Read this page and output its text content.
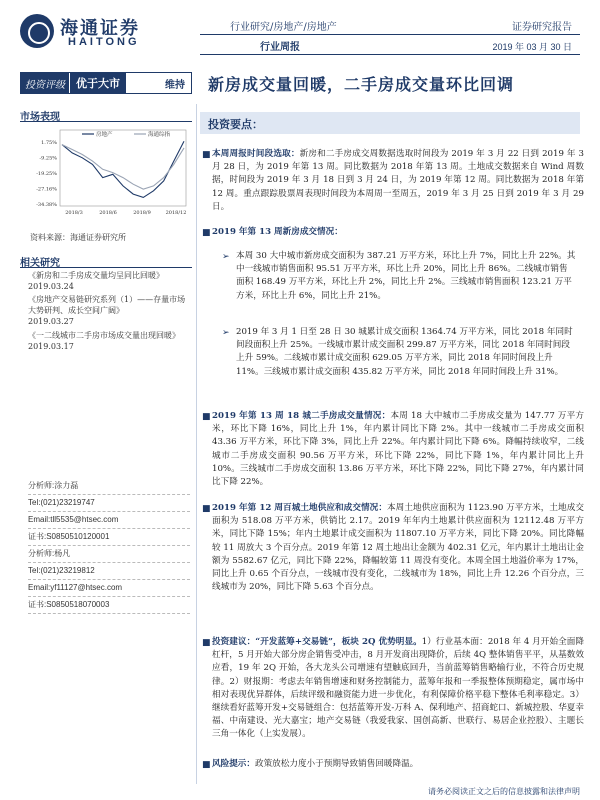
海通证券
HAITONG
行业研究/房地产/房地产
行业周报
证券研究报告
2019 年 03 月 30 日
投资评级	优于大市	维持	新房成交量回暖，二手房成交量环比回调
市场表现
1.75%
-9.25%
-19.25%
-27.16%
-34.38%
2018/3	2018/6	2018/9	2018/12
房地产	海通综指
资料来源：海通证券研究所
相关研究
《新房和二手房成交量均呈同比回暖》
2019.03.24
《房地产交易链研究系列（1）——存量市场大势研判、成长空间广阔》
2019.03.27
《一二线城市二手房市场成交量出现回暖》
2019.03.17
分析师:涂力磊
Tel:(021)23219747
Email:tll5535@htsec.com
证书:S0850510120001
分析师:杨凡
Tel:(021)23219812
Email:yf11127@htsec.com
证书:S0850518070003
投资要点：
■ 本周周报时间段选取：新房和二手房成交周数据选取时间段为 2019 年 3 月 22 日到 2019 年 3 月 28 日，为 2019 年第 13 周。同比数据为 2018 年第 13 周。土地成交数据来自 Wind 周数据，时间段为 2019 年 3 月 18 日到 3 月 24 日，为 2019 年第 12 周。同比数据为 2018 年第 12 周。重点跟踪股票周表现时间段为本周周一至周五，2019 年 3 月 25 日到 2019 年 3 月 29 日。
■ 2019 年第 13 周新房成交情况：
➢ 本周 30 大中城市新房成交面积为 387.21 万平方米，环比上升 7%，同比上升 22%。其中一线城市销售面积 95.51 万平方米，环比上升 20%，同比上升 86%。二线城市销售面积 168.49 万平方米，环比上升 2%，同比上升 2%。三线城市销售面积 123.21 万平方米，环比上升 6%，同比上升 21%。
➢ 2019 年 3 月 1 日至 28 日 30 城累计成交面积 1364.74 万平方米，同比 2018 年同时间段面积上升 25%。一线城市累计成交面积 299.87 万平方米，同比 2018 年同时间段上升 59%。二线城市累计成交面积 629.05 万平方米，同比 2018 年同时间段上升 11%。三线城市累计成交面积 435.82 万平方米，同比 2018 年同时间段上升 31%。
■ 2019 年第 13 周 18 城二手房成交量情况：本周 18 大中城市二手房成交量为 147.77 万平方米，环比下降 16%，同比上升 1%，年内累计同比下降 2%。其中一线城市二手房成交面积 43.36 万平方米，环比下降 3%，同比上升 22%。年内累计同比下降 6%。降幅持续收窄，二线城市二手房成交面积 90.56 万平方米，环比下降 22%，同比下降 1%，年内累计同比上升 10%。三线城市二手房成交面积 13.86 万平方米，环比下降 22%，同比下降 27%，年内累计同比下降 22%。
■ 2019 年第 12 周百城土地供应和成交情况：本周土地供应面积为 1123.90 万平方米，土地成交面积为 518.08 万平方米，供销比 2.17。2019 年年内土地累计供应面积为 12112.48 万平方米，同比下降 15%；年内土地累计成交面积为 11807.10 万平方米，同比下降 20%。同比降幅较 11 周放大 3 个百分点。2019 年第 12 周土地出让金额为 402.31 亿元，年内累计土地出让金额为 5582.67 亿元，同比下降 22%，降幅较第 11 周没有变化。本周全国土地溢价率为 17%，同比上升 0.65 个百分点，一线城市没有变化，二线城市为 18%，同比上升 12.26 个百分点，三线城市为 20%，同比下降 5.63 个百分点。
■ 投资建议：“开发蓝筹+交易链”，板块 2Q 优势明显。1）行业基本面：2018 年 4 月开始全面降杠杆，5 月开始大部分房企销售受冲击，8 月开发商出现降价，后续 4Q 整体销售平平，从基数效应看，19 年 2Q 开始，各大龙头公司增速有望触底回升，当前蓝筹销售略输行业，不符合历史规律。2）财报期：考虑去年销售增速和财务控制能力，蓝筹年报和一季报整体预期稳定，属市场中相对表现优异群体，后续评级和融资能力进一步优化，有利保障价格平稳下整体毛利率稳定。3）继续看好蓝筹开发+交易链组合：包括蓝筹开发-万科 A、保利地产、招商蛇口、新城控股、华夏幸福、中南建设、光大嘉宝；地产交易链（我爱我家、国创高新、世联行、易居企业控股）、主题长三角一体化（上实发展）。
■ 风险提示：政策放松力度小于预期导致销售回暖降温。
请务必阅读正文之后的信息披露和法律声明
